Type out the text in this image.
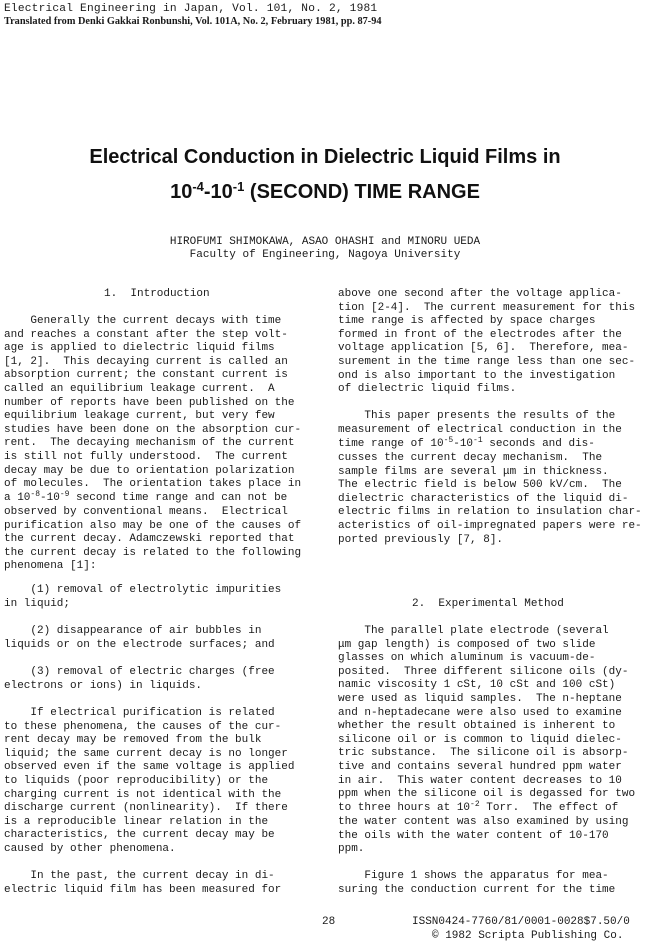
Electrical Engineering in Japan, Vol. 101, No. 2, 1981
Translated from Denki Gakkai Ronbunshi, Vol. 101A, No. 2, February 1981, pp. 87-94
Electrical Conduction in Dielectric Liquid Films in
$10^{-4}-10^{-1}$ (SECOND) TIME RANGE
HIROFUMI SHIMOKAWA, ASAO OHASHI and MINORU UEDA
Faculty of Engineering, Nagoya University
1.  Introduction
Generally the current decays with time
and reaches a constant after the step volt-
age is applied to dielectric liquid films
[1, 2].  This decaying current is called an
absorption current; the constant current is
called an equilibrium leakage current.  A
number of reports have been published on the
equilibrium leakage current, but very few
studies have been done on the absorption cur-
rent.  The decaying mechanism of the current
is still not fully understood.  The current
decay may be due to orientation polarization
of molecules.  The orientation takes place in
a $10^{-8}-10^{-9}$ second time range and can not be
observed by conventional means.  Electrical
purification also may be one of the causes of
the current decay. Adamczewski reported that
the current decay is related to the following
phenomena [1]:
(1) removal of electrolytic impurities
in liquid;
(2) disappearance of air bubbles in
liquids or on the electrode surfaces; and
(3) removal of electric charges (free
electrons or ions) in liquids.
If electrical purification is related
to these phenomena, the causes of the cur-
rent decay may be removed from the bulk
liquid; the same current decay is no longer
observed even if the same voltage is applied
to liquids (poor reproducibility) or the
charging current is not identical with the
discharge current (nonlinearity).  If there
is a reproducible linear relation in the
characteristics, the current decay may be
caused by other phenomena.
In the past, the current decay in di-
electric liquid film has been measured for
above one second after the voltage applica-
tion [2-4].  The current measurement for this
time range is affected by space charges
formed in front of the electrodes after the
voltage application [5, 6].  Therefore, mea-
surement in the time range less than one sec-
ond is also important to the investigation
of dielectric liquid films.
This paper presents the results of the
measurement of electrical conduction in the
time range of $10^{-5}-10^{-1}$ seconds and dis-
cusses the current decay mechanism.  The
sample films are several μm in thickness.
The electric field is below 500 kV/cm.  The
dielectric characteristics of the liquid di-
electric films in relation to insulation char-
acteristics of oil-impregnated papers were re-
ported previously [7, 8].
2.  Experimental Method
The parallel plate electrode (several
μm gap length) is composed of two slide
glasses on which aluminum is vacuum-de-
posited.  Three different silicone oils (dy-
namic viscosity 1 cSt, 10 cSt and 100 cSt)
were used as liquid samples.  The n-heptane
and n-heptadecane were also used to examine
whether the result obtained is inherent to
silicone oil or is common to liquid dielec-
tric substance.  The silicone oil is absorp-
tive and contains several hundred ppm water
in air.  This water content decreases to 10
ppm when the silicone oil is degassed for two
to three hours at $10^{-2}$ Torr.  The effect of
the water content was also examined by using
the oils with the water content of 10-170
ppm.
Figure 1 shows the apparatus for mea-
suring the conduction current for the time
28	ISSN0424-7760/81/0001-0028$7.50/0
© 1982 Scripta Publishing Co.
